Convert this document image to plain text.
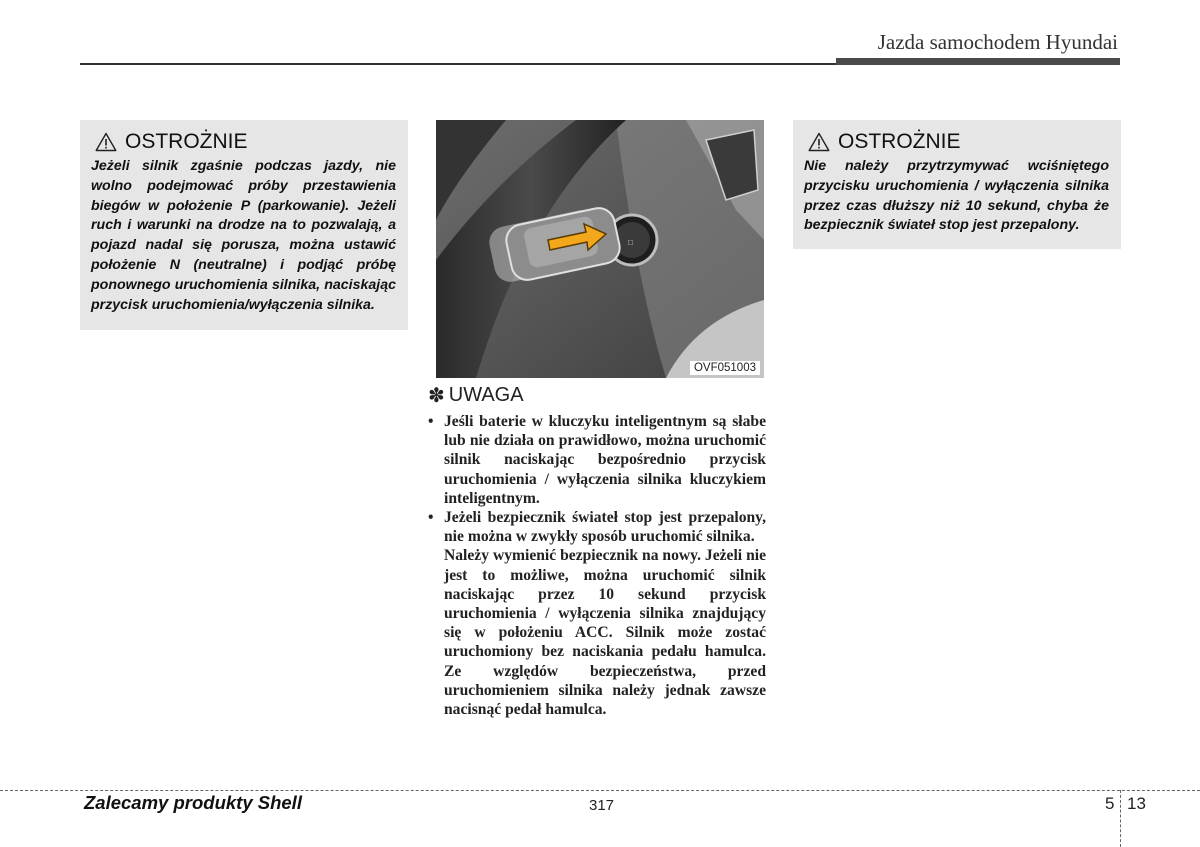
Jazda samochodem Hyundai
OSTROŻNIE
Jeżeli silnik zgaśnie podczas jazdy, nie wolno podejmować próby przestawienia biegów w położenie P (parkowanie). Jeżeli ruch i warunki na drodze na to pozwalają, a pojazd nadal się porusza, można ustawić położenie N (neutralne) i podjąć próbę ponownego uruchomienia silnika, naciskając przycisk uruchomienia/wyłączenia silnika.
□
OVF051003
✽ UWAGA
• Jeśli baterie w kluczyku inteligentnym są słabe lub nie działa on prawidłowo, można uruchomić silnik naciskając bezpośrednio przycisk uruchomienia / wyłączenia silnika kluczykiem inteligentnym.
• Jeżeli bezpiecznik świateł stop jest przepalony, nie można w zwykły sposób uruchomić silnika.
Należy wymienić bezpiecznik na nowy. Jeżeli nie jest to możliwe, można uruchomić silnik naciskając przez 10 sekund przycisk uruchomienia / wyłączenia silnika znajdujący się w położeniu ACC. Silnik może zostać uruchomiony bez naciskania pedału hamulca. Ze względów bezpieczeństwa, przed uruchomieniem silnika należy jednak zawsze nacisnąć pedał hamulca.
OSTROŻNIE
Nie należy przytrzymywać wciśniętego przycisku uruchomienia / wyłączenia silnika przez czas dłuższy niż 10 sekund, chyba że bezpiecznik świateł stop jest przepalony.
Zalecamy produkty Shell	317	5 13
